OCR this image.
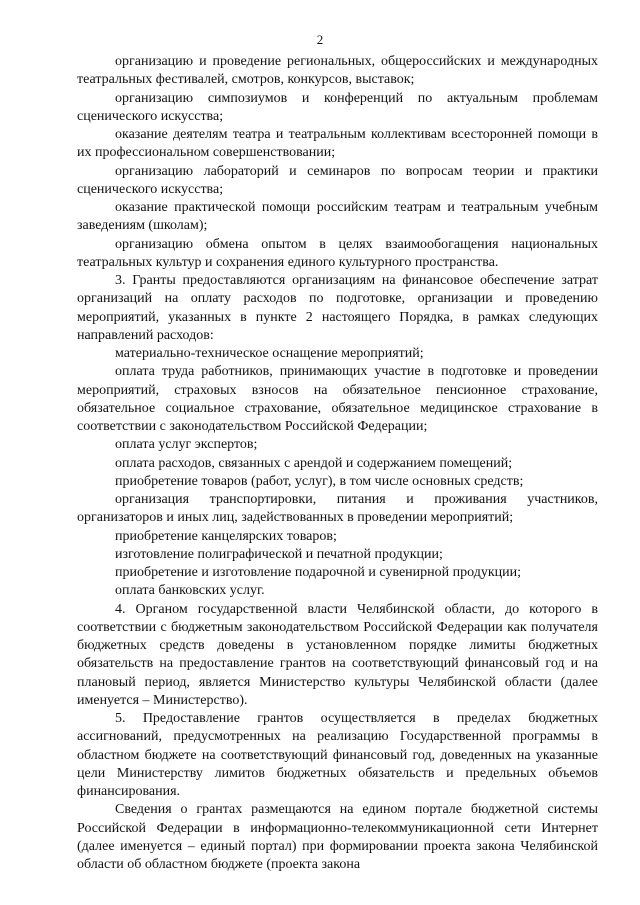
2

организацию и проведение региональных, общероссийских и международных театральных фестивалей, смотров, конкурсов, выставок;

организацию симпозиумов и конференций по актуальным проблемам сценического искусства;

оказание деятелям театра и театральным коллективам всесторонней помощи в их профессиональном совершенствовании;

организацию лабораторий и семинаров по вопросам теории и практики сценического искусства;

оказание практической помощи российским театрам и театральным учебным заведениям (школам);

организацию обмена опытом в целях взаимообогащения национальных театральных культур и сохранения единого культурного пространства.

3. Гранты предоставляются организациям на финансовое обеспечение затрат организаций на оплату расходов по подготовке, организации и проведению мероприятий, указанных в пункте 2 настоящего Порядка, в рамках следующих направлений расходов:

материально-техническое оснащение мероприятий;

оплата труда работников, принимающих участие в подготовке и проведении мероприятий, страховых взносов на обязательное пенсионное страхование, обязательное социальное страхование, обязательное медицинское страхование в соответствии с законодательством Российской Федерации;

оплата услуг экспертов;

оплата расходов, связанных с арендой и содержанием помещений;

приобретение товаров (работ, услуг), в том числе основных средств;

организация транспортировки, питания и проживания участников, организаторов и иных лиц, задействованных в проведении мероприятий;

приобретение канцелярских товаров;

изготовление полиграфической и печатной продукции;

приобретение и изготовление подарочной и сувенирной продукции;

оплата банковских услуг.

4. Органом государственной власти Челябинской области, до которого в соответствии с бюджетным законодательством Российской Федерации как получателя бюджетных средств доведены в установленном порядке лимиты бюджетных обязательств на предоставление грантов на соответствующий финансовый год и на плановый период, является Министерство культуры Челябинской области (далее именуется – Министерство).

5. Предоставление грантов осуществляется в пределах бюджетных ассигнований, предусмотренных на реализацию Государственной программы в областном бюджете на соответствующий финансовый год, доведенных на указанные цели Министерству лимитов бюджетных обязательств и предельных объемов финансирования.

Сведения о грантах размещаются на едином портале бюджетной системы Российской Федерации в информационно-телекоммуникационной сети Интернет (далее именуется – единый портал) при формировании проекта закона Челябинской области об областном бюджете (проекта закона
